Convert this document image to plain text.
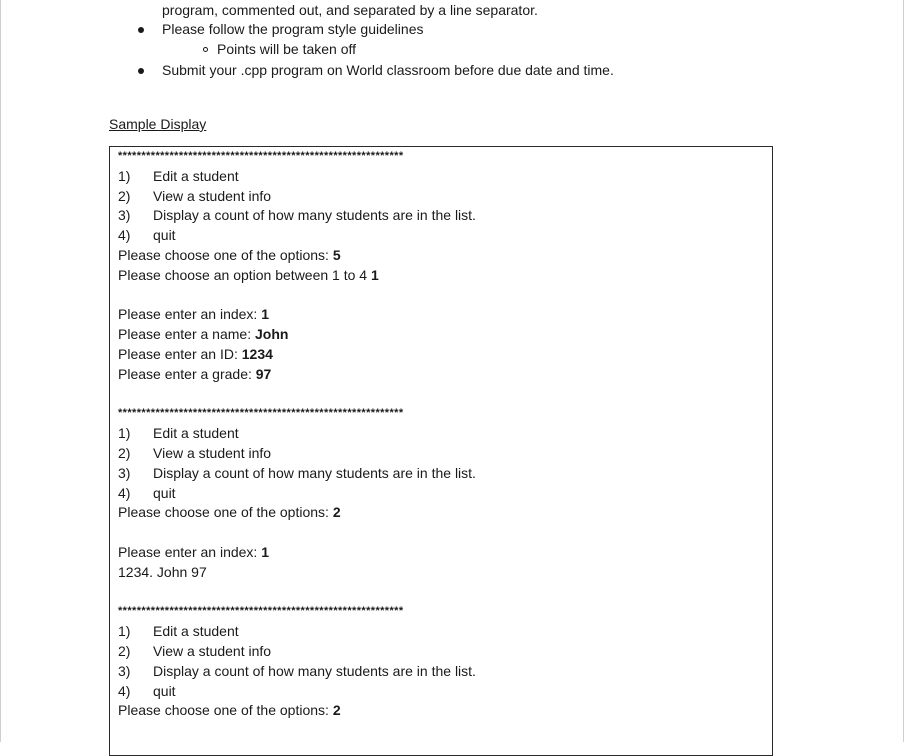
program, commented out, and separated by a line separator.
Please follow the program style guidelines
Points will be taken off
Submit your .cpp program on World classroom before due date and time.
Sample Display
*************************************************************
1) Edit a student
2) View a student info
3) Display a count of how many students are in the list.
4) quit
Please choose one of the options: 5
Please choose an option between 1 to 4 1
Please enter an index: 1
Please enter a name: John
Please enter an ID: 1234
Please enter a grade: 97
*************************************************************
1) Edit a student
2) View a student info
3) Display a count of how many students are in the list.
4) quit
Please choose one of the options: 2
Please enter an index: 1
1234. John 97
*************************************************************
1) Edit a student
2) View a student info
3) Display a count of how many students are in the list.
4) quit
Please choose one of the options: 2
